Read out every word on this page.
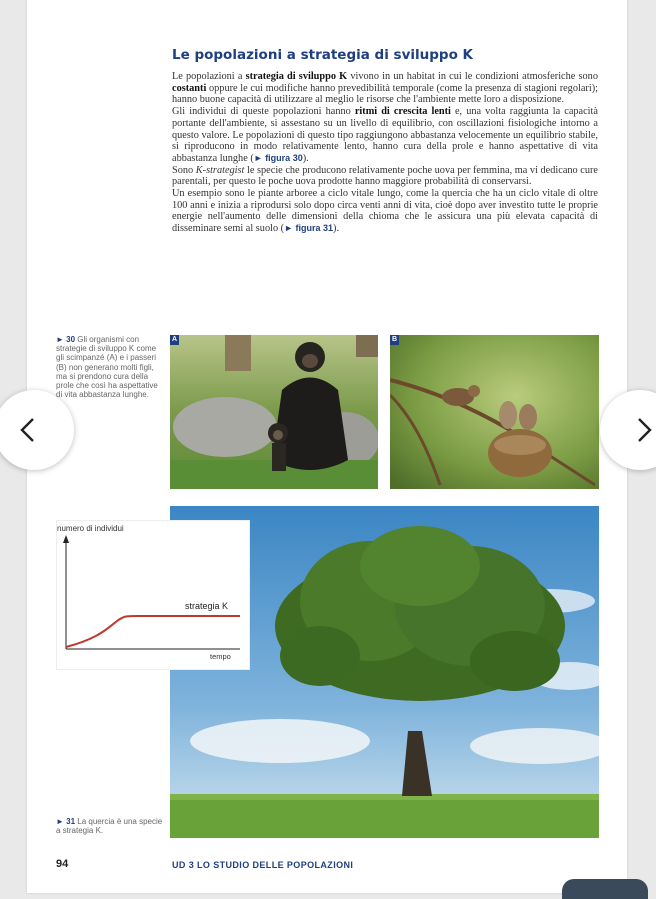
Le popolazioni a strategia di sviluppo K

Le popolazioni a strategia di sviluppo K vivono in un habitat in cui le condizioni atmosferiche sono costanti oppure le cui modifiche hanno prevedibilità temporale (come la presenza di stagioni regolari); hanno buone capacità di utilizzare al meglio le risorse che l'ambiente mette loro a disposizione.

Gli individui di queste popolazioni hanno ritmi di crescita lenti e, una volta raggiunta la capacità portante dell'ambiente, si assestano su un livello di equilibrio, con oscillazioni fisiologiche intorno a questo valore. Le popolazioni di questo tipo raggiungono abbastanza velocemente un equilibrio stabile, si riproducono in modo relativamente lento, hanno cura della prole e hanno aspettative di vita abbastanza lunghe (► figura 30).

Sono K-strategist le specie che producono relativamente poche uova per femmina, ma vi dedicano cure parentali, per questo le poche uova prodotte hanno maggiore probabilità di conservarsi.

Un esempio sono le piante arboree a ciclo vitale lungo, come la quercia che ha un ciclo vitale di oltre 100 anni e inizia a riprodursi solo dopo circa venti anni di vita, cioè dopo aver investito tutte le proprie energie nell'aumento delle dimensioni della chioma che le assicura una più elevata capacità di disseminare semi al suolo (► figura 31).

► 30 Gli organismi con strategie di sviluppo K come gli scimpanzé (A) e i passeri (B) non generano molti figli, ma si prendono cura della prole che così ha aspettative di vita abbastanza lunghe.
A	B
numero di individui
strategia K
tempo
► 31 La quercia è una specie a strategia K.
94	UD 3 LO STUDIO DELLE POPOLAZIONI
